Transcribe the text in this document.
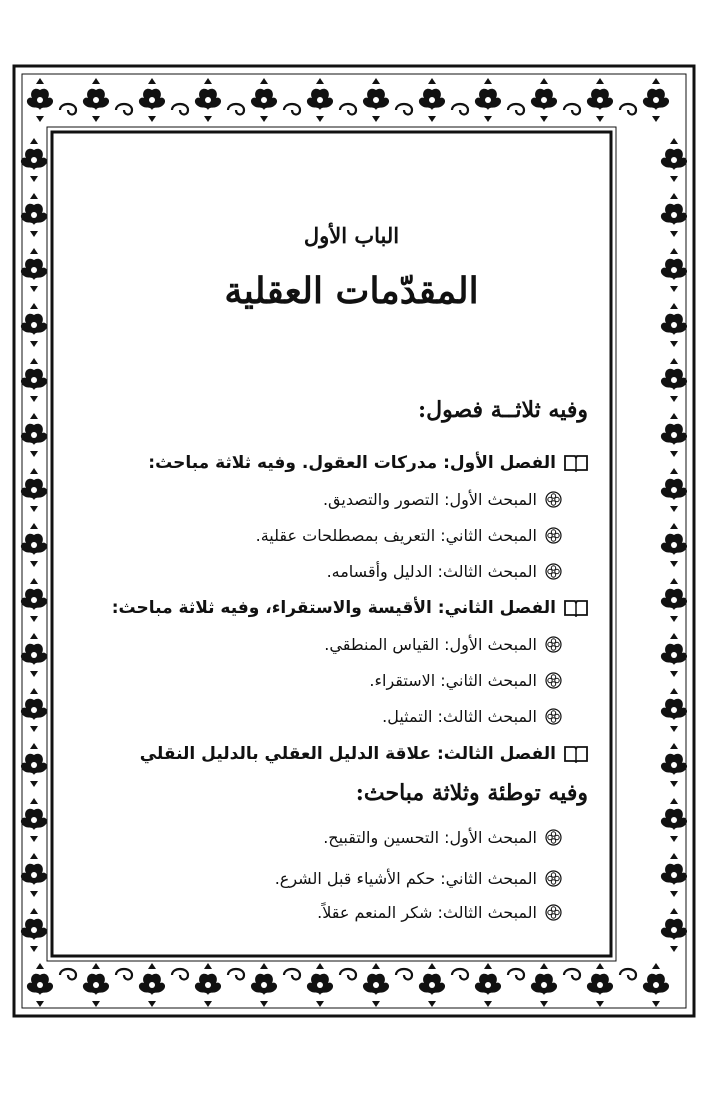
الباب الأول
المقدّمات العقلية
وفيه ثلاثــة فصول:
الفصل الأول: مدركات العقول. وفيه ثلاثة مباحث:
المبحث الأول: التصور والتصديق.
المبحث الثاني: التعريف بمصطلحات عقلية.
المبحث الثالث: الدليل وأقسامه.
الفصل الثاني: الأقيسة والاستقراء، وفيه ثلاثة مباحث:
المبحث الأول: القياس المنطقي.
المبحث الثاني: الاستقراء.
المبحث الثالث: التمثيل.
الفصل الثالث: علاقة الدليل العقلي بالدليل النقلي
وفيه توطئة وثلاثة مباحث:
المبحث الأول: التحسين والتقبيح.
المبحث الثاني: حكم الأشياء قبل الشرع.
المبحث الثالث: شكر المنعم عقلاً.
